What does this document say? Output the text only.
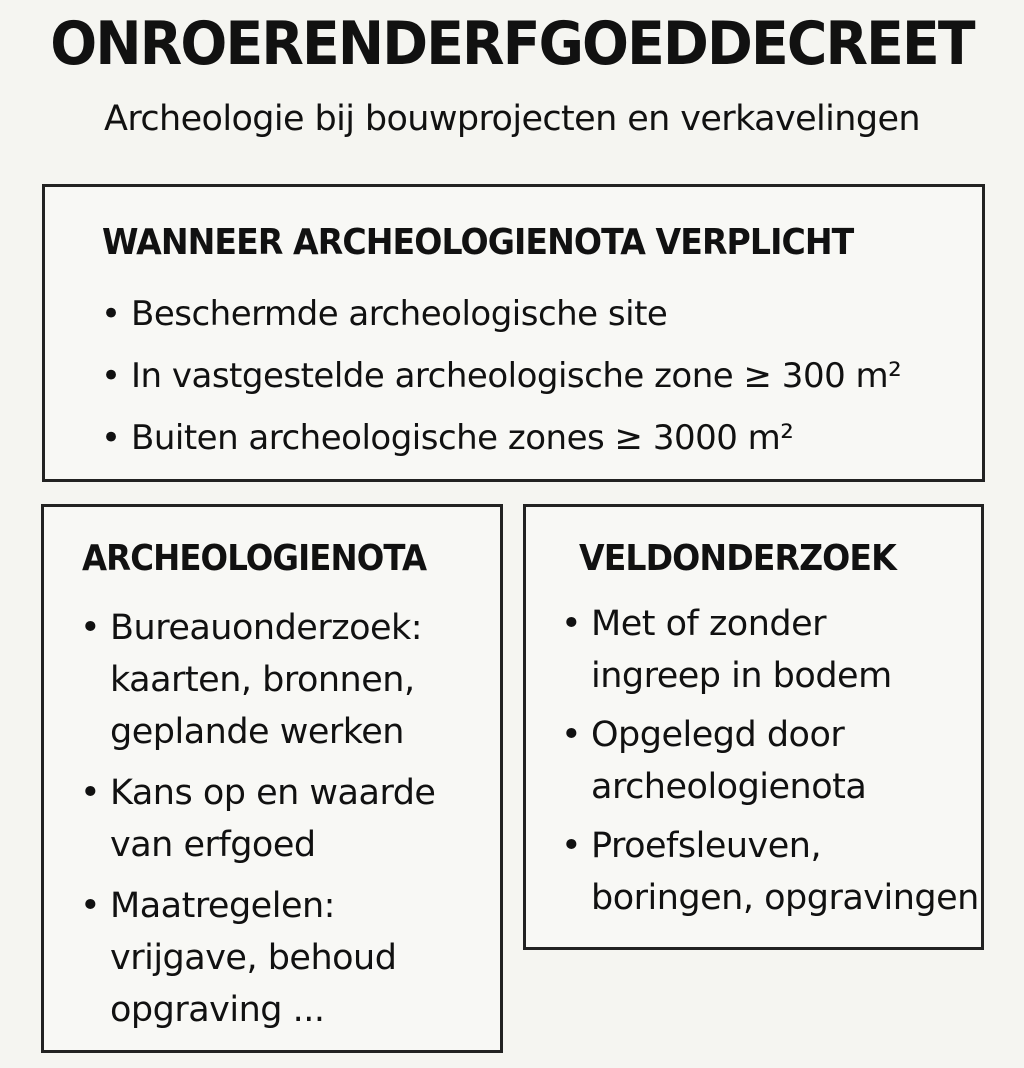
ONROERENDERFGOEDDECREET
Archeologie bij bouwprojecten en verkavelingen
WANNEER ARCHEOLOGIENOTA VERPLICHT
• Beschermde archeologische site
• In vastgestelde archeologische zone ≥ 300 m²
• Buiten archeologische zones ≥ 3000 m²
ARCHEOLOGIENOTA
• Bureauonderzoek:
kaarten, bronnen,
geplande werken
• Kans op en waarde
van erfgoed
• Maatregelen:
vrijgave, behoud
opgraving ...
VELDONDERZOEK
• Met of zonder
ingreep in bodem
• Opgelegd door
archeologienota
• Proefsleuven,
boringen, opgravingen
